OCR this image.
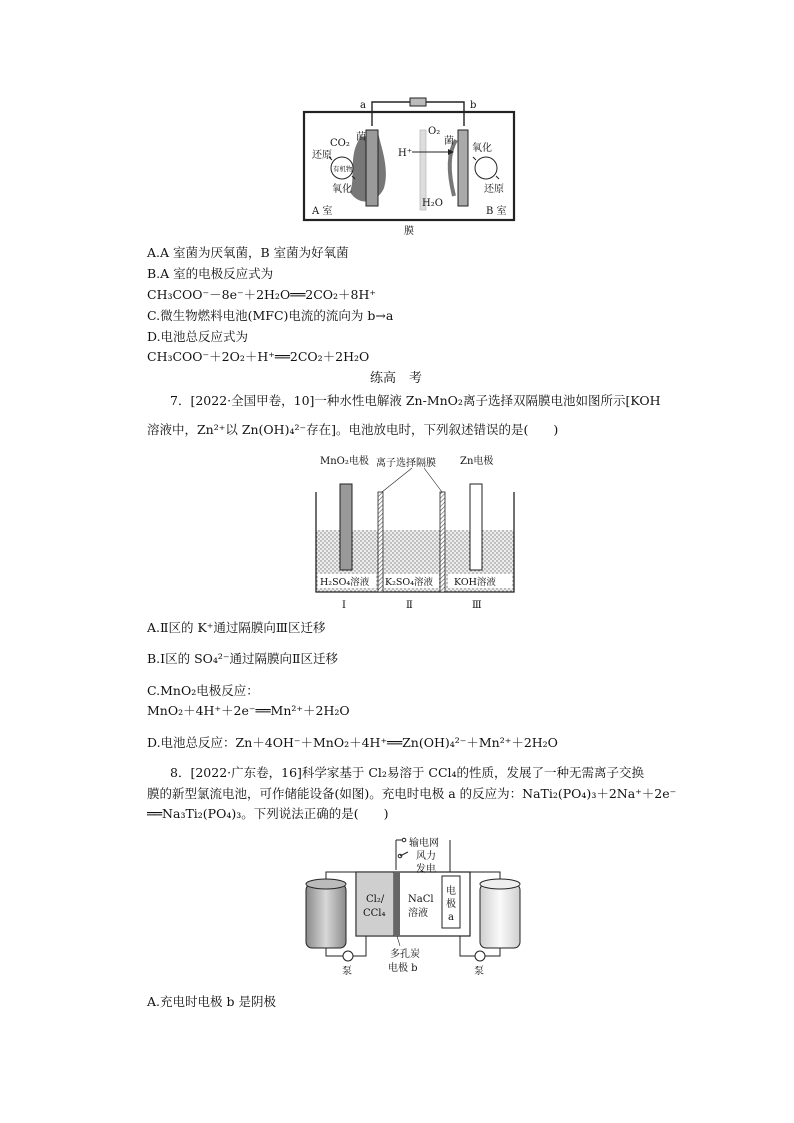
a	b
CO₂
菌
还原
有机物
氧化
H⁺
O₂
菌
H₂O
氧化
还原
A 室	B 室
膜
A.A 室菌为厌氧菌，B 室菌为好氧菌
B.A 室的电极反应式为
CH₃COO⁻－8e⁻＋2H₂O══2CO₂＋8H⁺
C.微生物燃料电池(MFC)电流的流向为 b→a
D.电池总反应式为
CH₃COO⁻＋2O₂＋H⁺══2CO₂＋2H₂O
练高　考
7．[2022·全国甲卷，10]一种水性电解液 Zn-MnO₂离子选择双隔膜电池如图所示[KOH
溶液中，Zn²⁺以 Zn(OH)₄²⁻存在]。电池放电时，下列叙述错误的是(　　)
MnO₂电极 离子选择隔膜 Zn电极
H₂SO₄溶液 K₂SO₄溶液 KOH溶液
Ⅰ	Ⅱ	Ⅲ
A.Ⅱ区的 K⁺通过隔膜向Ⅲ区迁移
B.Ⅰ区的 SO₄²⁻通过隔膜向Ⅱ区迁移
C.MnO₂电极反应：
MnO₂＋4H⁺＋2e⁻══Mn²⁺＋2H₂O
D.电池总反应：Zn＋4OH⁻＋MnO₂＋4H⁺══Zn(OH)₄²⁻＋Mn²⁺＋2H₂O
8．[2022·广东卷，16]科学家基于 Cl₂易溶于 CCl₄的性质，发展了一种无需离子交换
膜的新型氯流电池，可作储能设备(如图)。充电时电极 a 的反应为：NaTi₂(PO₄)₃＋2Na⁺＋2e⁻
══Na₃Ti₂(PO₄)₃。下列说法正确的是(　　)
输电网
风力
发电
Cl₂/
CCl₄
NaCl
溶液
电
极
a
泵	泵
多孔炭
电极 b
A.充电时电极 b 是阴极
